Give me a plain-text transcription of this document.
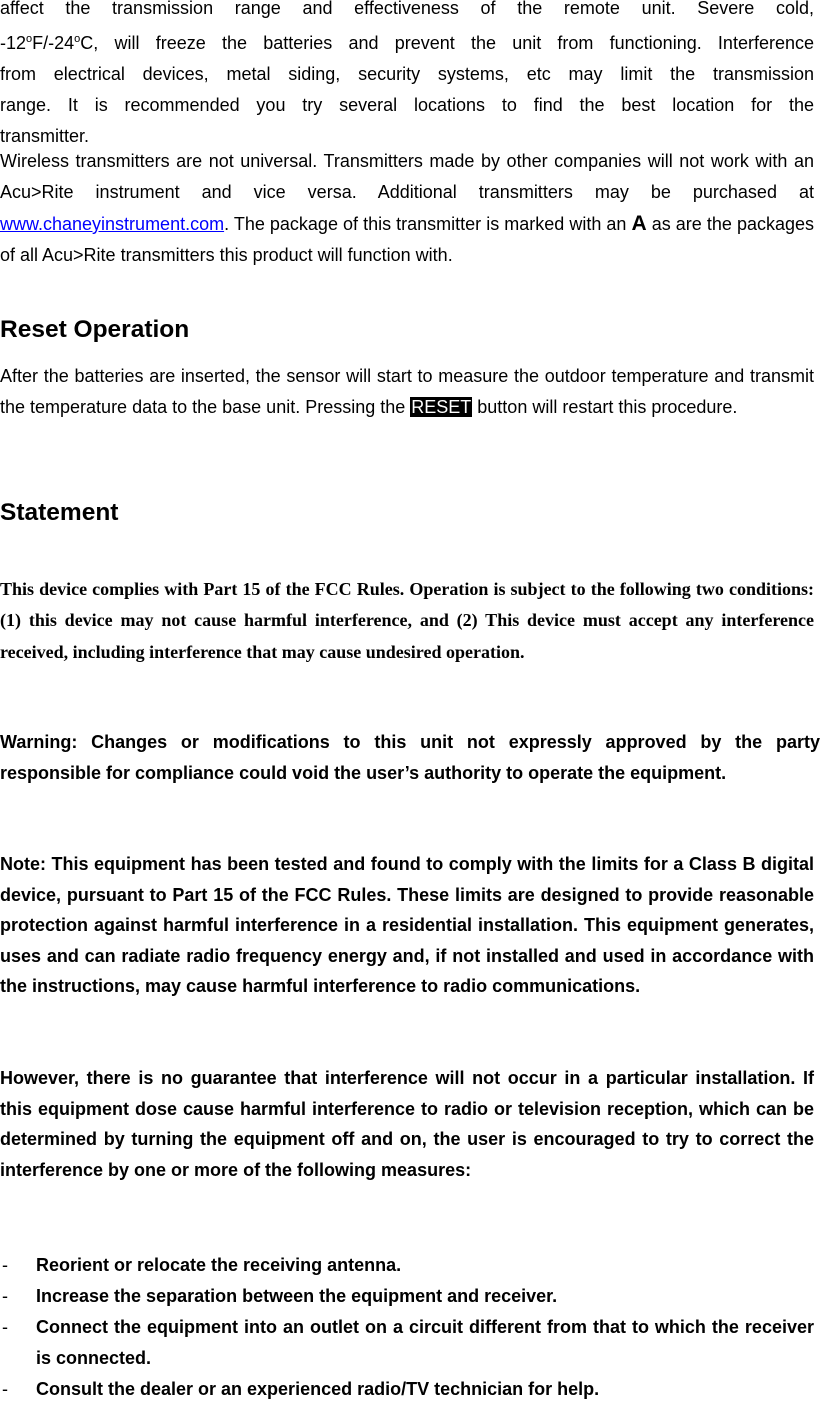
affect the transmission range and effectiveness of the remote unit. Severe cold,

-12$^o$F/-24$^o$C, will freeze the batteries and prevent the unit from functioning. Interference

from electrical devices, metal siding, security systems, etc may limit the transmission

range. It is recommended you try several locations to find the best location for the

transmitter.

Wireless transmitters are not universal. Transmitters made by other companies will not work with an Acu>Rite instrument and vice versa. Additional transmitters may be purchased at www.chaneyinstrument.com. The package of this transmitter is marked with an A as are the packages of all Acu>Rite transmitters this product will function with.
Reset Operation
After the batteries are inserted, the sensor will start to measure the outdoor temperature and transmit the temperature data to the base unit. Pressing the RESET button will restart this procedure.
Statement
This device complies with Part 15 of the FCC Rules. Operation is subject to the following two conditions: (1) this device may not cause harmful interference, and (2) This device must accept any interference received, including interference that may cause undesired operation.
Warning: Changes or modifications to this unit not expressly approved by the party responsible for compliance could void the user’s authority to operate the equipment.
Note: This equipment has been tested and found to comply with the limits for a Class B digital device, pursuant to Part 15 of the FCC Rules. These limits are designed to provide reasonable protection against harmful interference in a residential installation. This equipment generates, uses and can radiate radio frequency energy and, if not installed and used in accordance with the instructions, may cause harmful interference to radio communications.
However, there is no guarantee that interference will not occur in a particular installation. If this equipment dose cause harmful interference to radio or television reception, which can be determined by turning the equipment off and on, the user is encouraged to try to correct the interference by one or more of the following measures:
- Reorient or relocate the receiving antenna.
- Increase the separation between the equipment and receiver.
- Connect the equipment into an outlet on a circuit different from that to which the receiver is connected.
- Consult the dealer or an experienced radio/TV technician for help.
